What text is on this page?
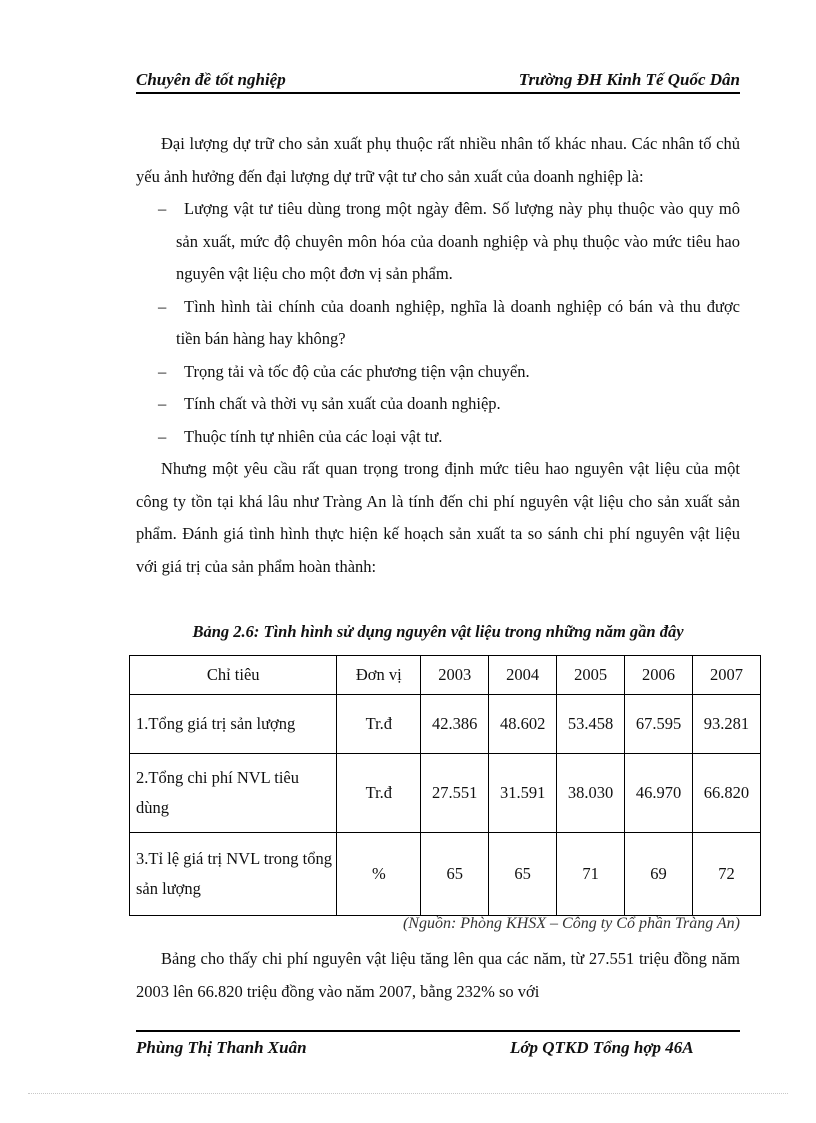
Chuyên đề tốt nghiệp	Trường ĐH Kinh Tế Quốc Dân

Đại lượng dự trữ cho sản xuất phụ thuộc rất nhiều nhân tố khác nhau. Các nhân tố chủ yếu ảnh hưởng đến đại lượng dự trữ vật tư cho sản xuất của doanh nghiệp là:

– Lượng vật tư tiêu dùng trong một ngày đêm. Số lượng này phụ thuộc vào quy mô sản xuất, mức độ chuyên môn hóa của doanh nghiệp và phụ thuộc vào mức tiêu hao nguyên vật liệu cho một đơn vị sản phẩm.

– Tình hình tài chính của doanh nghiệp, nghĩa là doanh nghiệp có bán và thu được tiền bán hàng hay không?

– Trọng tải và tốc độ của các phương tiện vận chuyển.

– Tính chất và thời vụ sản xuất của doanh nghiệp.

– Thuộc tính tự nhiên của các loại vật tư.

Nhưng một yêu cầu rất quan trọng trong định mức tiêu hao nguyên vật liệu của một công ty tồn tại khá lâu như Tràng An là tính đến chi phí nguyên vật liệu cho sản xuất sản phẩm. Đánh giá tình hình thực hiện kế hoạch sản xuất ta so sánh chi phí nguyên vật liệu với giá trị của sản phẩm hoàn thành:

Bảng 2.6: Tình hình sử dụng nguyên vật liệu trong những năm gần đây
Chỉ tiêu	Đơn vị	2003	2004	2005	2006	2007
1.Tổng giá trị sản lượng	Tr.đ	42.386	48.602	53.458	67.595	93.281
2.Tổng chi phí NVL tiêu dùng	Tr.đ	27.551	31.591	38.030	46.970	66.820
3.Tỉ lệ giá trị NVL trong tổng sản lượng	%	65	65	71	69	72
(Nguồn: Phòng KHSX – Công ty Cổ phần Tràng An)

Bảng cho thấy chi phí nguyên vật liệu tăng lên qua các năm, từ 27.551 triệu đồng năm 2003 lên 66.820 triệu đồng vào năm 2007, bằng 232% so với

Phùng Thị Thanh Xuân	Lớp QTKD Tổng hợp 46A
